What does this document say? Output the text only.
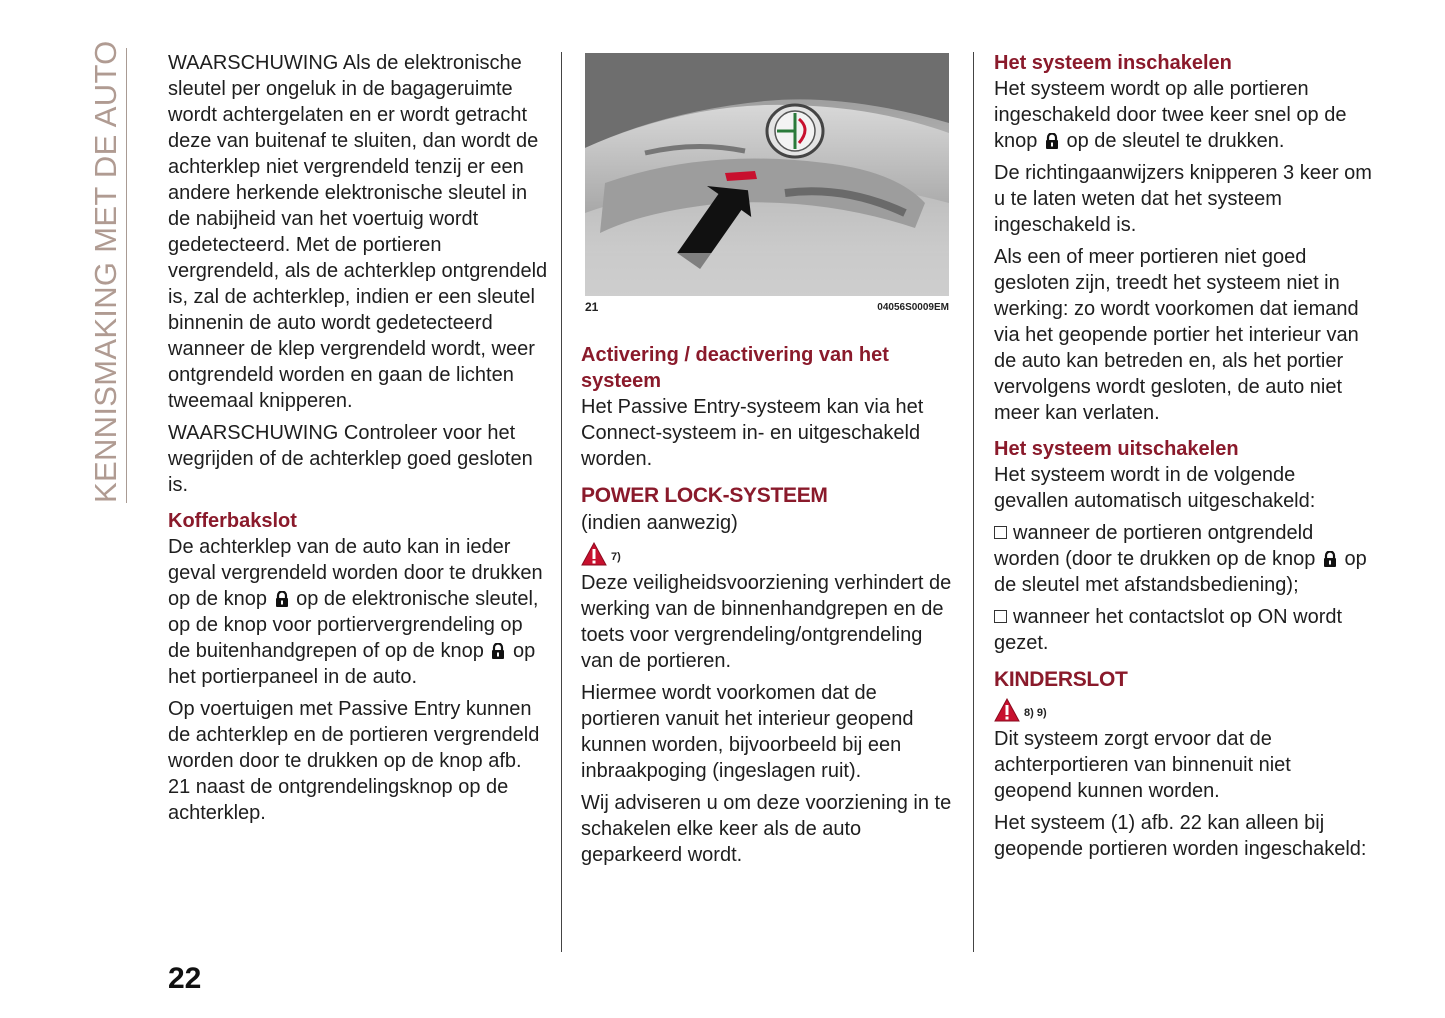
KENNISMAKING MET DE AUTO WAARSCHUWING Als de elektronische sleutel per ongeluk in de bagageruimte wordt achtergelaten en er wordt getracht deze van buitenaf te sluiten, dan wordt de achterklep niet vergrendeld tenzij er een andere herkende elektronische sleutel in de nabijheid van het voertuig wordt gedetecteerd. Met de portieren vergrendeld, als de achterklep ontgrendeld is, zal de achterklep, indien er een sleutel binnenin de auto wordt gedetecteerd wanneer de klep vergrendeld wordt, weer ontgrendeld worden en gaan de lichten tweemaal knipperen.

WAARSCHUWING Controleer voor het wegrijden of de achterklep goed gesloten is.

Kofferbakslot

De achterklep van de auto kan in ieder geval vergrendeld worden door te drukken op de knop op de elektronische sleutel, op de knop voor portiervergrendeling op de buitenhandgrepen of op de knop op het portierpaneel in de auto.

Op voertuigen met Passive Entry kunnen de achterklep en de portieren vergrendeld worden door te drukken op de knop afb. 21 naast de ontgrendelingsknop op de achterklep.

21	04056S0009EM
Activering / deactivering van het systeem

Het Passive Entry-systeem kan via het Connect-systeem in- en uitgeschakeld worden.

POWER LOCK-SYSTEEM

(indien aanwezig)

7)

Deze veiligheidsvoorziening verhindert de werking van de binnenhandgrepen en de toets voor vergrendeling/ontgrendeling van de portieren.

Hiermee wordt voorkomen dat de portieren vanuit het interieur geopend kunnen worden, bijvoorbeeld bij een inbraakpoging (ingeslagen ruit).

Wij adviseren u om deze voorziening in te schakelen elke keer als de auto geparkeerd wordt.

Het systeem inschakelen

Het systeem wordt op alle portieren ingeschakeld door twee keer snel op de knop op de sleutel te drukken.

De richtingaanwijzers knipperen 3 keer om u te laten weten dat het systeem ingeschakeld is.

Als een of meer portieren niet goed gesloten zijn, treedt het systeem niet in werking: zo wordt voorkomen dat iemand via het geopende portier het interieur van de auto kan betreden en, als het portier vervolgens wordt gesloten, de auto niet meer kan verlaten.

Het systeem uitschakelen

Het systeem wordt in de volgende gevallen automatisch uitgeschakeld:

wanneer de portieren ontgrendeld worden (door te drukken op de knop op de sleutel met afstandsbediening);

wanneer het contactslot op ON wordt gezet.

KINDERSLOT
8) 9)

Dit systeem zorgt ervoor dat de achterportieren van binnenuit niet geopend kunnen worden.

Het systeem (1) afb. 22 kan alleen bij geopende portieren worden ingeschakeld:

22
